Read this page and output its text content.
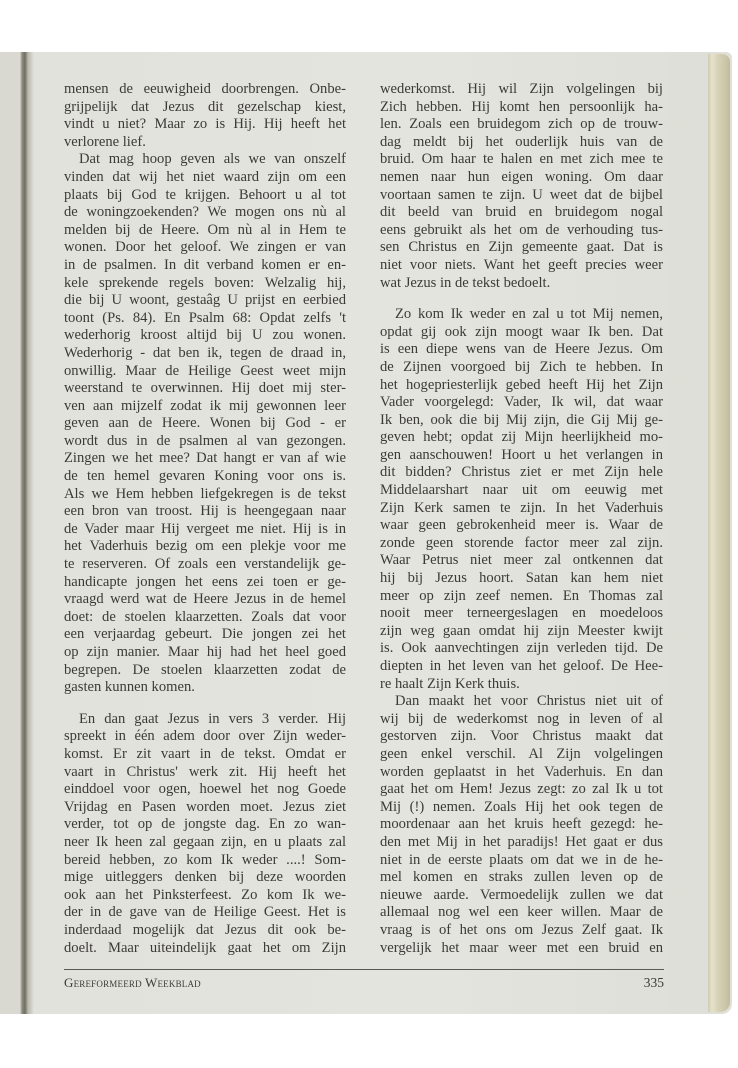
mensen de eeuwigheid doorbrengen. Onbe-
grijpelijk dat Jezus dit gezelschap kiest,
vindt u niet? Maar zo is Hij. Hij heeft het
verlorene lief.
Dat mag hoop geven als we van onszelf
vinden dat wij het niet waard zijn om een
plaats bij God te krijgen. Behoort u al tot
de woningzoekenden? We mogen ons nù al
melden bij de Heere. Om nù al in Hem te
wonen. Door het geloof. We zingen er van
in de psalmen. In dit verband komen er en-
kele sprekende regels boven: Welzalig hij,
die bij U woont, gestaâg U prijst en eerbied
toont (Ps. 84). En Psalm 68: Opdat zelfs 't
wederhorig kroost altijd bij U zou wonen.
Wederhorig - dat ben ik, tegen de draad in,
onwillig. Maar de Heilige Geest weet mijn
weerstand te overwinnen. Hij doet mij ster-
ven aan mijzelf zodat ik mij gewonnen leer
geven aan de Heere. Wonen bij God - er
wordt dus in de psalmen al van gezongen.
Zingen we het mee? Dat hangt er van af wie
de ten hemel gevaren Koning voor ons is.
Als we Hem hebben liefgekregen is de tekst
een bron van troost. Hij is heengegaan naar
de Vader maar Hij vergeet me niet. Hij is in
het Vaderhuis bezig om een plekje voor me
te reserveren. Of zoals een verstandelijk ge-
handicapte jongen het eens zei toen er ge-
vraagd werd wat de Heere Jezus in de hemel
doet: de stoelen klaarzetten. Zoals dat voor
een verjaardag gebeurt. Die jongen zei het
op zijn manier. Maar hij had het heel goed
begrepen. De stoelen klaarzetten zodat de
gasten kunnen komen.
En dan gaat Jezus in vers 3 verder. Hij
spreekt in één adem door over Zijn weder-
komst. Er zit vaart in de tekst. Omdat er
vaart in Christus' werk zit. Hij heeft het
einddoel voor ogen, hoewel het nog Goede
Vrijdag en Pasen worden moet. Jezus ziet
verder, tot op de jongste dag. En zo wan-
neer Ik heen zal gegaan zijn, en u plaats zal
bereid hebben, zo kom Ik weder ....! Som-
mige uitleggers denken bij deze woorden
ook aan het Pinksterfeest. Zo kom Ik we-
der in de gave van de Heilige Geest. Het is
inderdaad mogelijk dat Jezus dit ook be-
doelt. Maar uiteindelijk gaat het om Zijn
wederkomst. Hij wil Zijn volgelingen bij
Zich hebben. Hij komt hen persoonlijk ha-
len. Zoals een bruidegom zich op de trouw-
dag meldt bij het ouderlijk huis van de
bruid. Om haar te halen en met zich mee te
nemen naar hun eigen woning. Om daar
voortaan samen te zijn. U weet dat de bijbel
dit beeld van bruid en bruidegom nogal
eens gebruikt als het om de verhouding tus-
sen Christus en Zijn gemeente gaat. Dat is
niet voor niets. Want het geeft precies weer
wat Jezus in de tekst bedoelt.
Zo kom Ik weder en zal u tot Mij nemen,
opdat gij ook zijn moogt waar Ik ben. Dat
is een diepe wens van de Heere Jezus. Om
de Zijnen voorgoed bij Zich te hebben. In
het hogepriesterlijk gebed heeft Hij het Zijn
Vader voorgelegd: Vader, Ik wil, dat waar
Ik ben, ook die bij Mij zijn, die Gij Mij ge-
geven hebt; opdat zij Mijn heerlijkheid mo-
gen aanschouwen! Hoort u het verlangen in
dit bidden? Christus ziet er met Zijn hele
Middelaarshart naar uit om eeuwig met
Zijn Kerk samen te zijn. In het Vaderhuis
waar geen gebrokenheid meer is. Waar de
zonde geen storende factor meer zal zijn.
Waar Petrus niet meer zal ontkennen dat
hij bij Jezus hoort. Satan kan hem niet
meer op zijn zeef nemen. En Thomas zal
nooit meer terneergeslagen en moedeloos
zijn weg gaan omdat hij zijn Meester kwijt
is. Ook aanvechtingen zijn verleden tijd. De
diepten in het leven van het geloof. De Hee-
re haalt Zijn Kerk thuis.
Dan maakt het voor Christus niet uit of
wij bij de wederkomst nog in leven of al
gestorven zijn. Voor Christus maakt dat
geen enkel verschil. Al Zijn volgelingen
worden geplaatst in het Vaderhuis. En dan
gaat het om Hem! Jezus zegt: zo zal Ik u tot
Mij (!) nemen. Zoals Hij het ook tegen de
moordenaar aan het kruis heeft gezegd: he-
den met Mij in het paradijs! Het gaat er dus
niet in de eerste plaats om dat we in de he-
mel komen en straks zullen leven op de
nieuwe aarde. Vermoedelijk zullen we dat
allemaal nog wel een keer willen. Maar de
vraag is of het ons om Jezus Zelf gaat. Ik
vergelijk het maar weer met een bruid en
Gereformeerd Weekblad	335
